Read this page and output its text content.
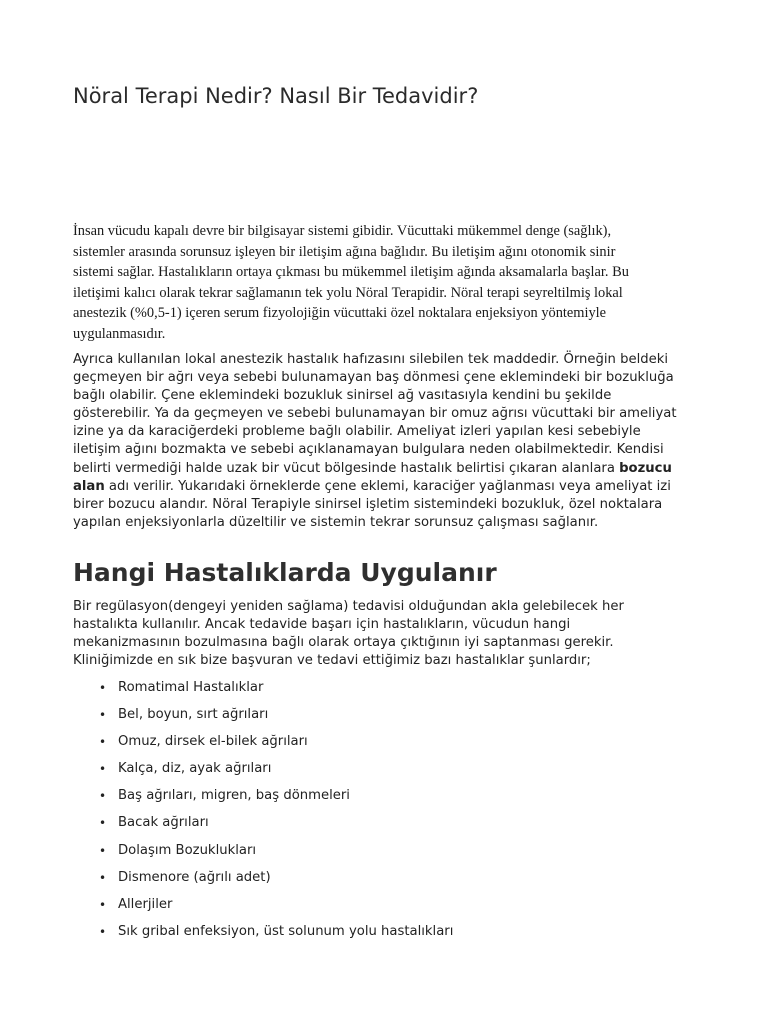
Nöral Terapi Nedir? Nasıl Bir Tedavidir?

İnsan vücudu kapalı devre bir bilgisayar sistemi gibidir. Vücuttaki mükemmel denge (sağlık),
sistemler arasında sorunsuz işleyen bir iletişim ağına bağlıdır. Bu iletişim ağını otonomik sinir
sistemi sağlar. Hastalıkların ortaya çıkması bu mükemmel iletişim ağında aksamalarla başlar. Bu
iletişimi kalıcı olarak tekrar sağlamanın tek yolu Nöral Terapidir. Nöral terapi seyreltilmiş lokal
anestezik (%0,5-1) içeren serum fizyolojiğin vücuttaki özel noktalara enjeksiyon yöntemiyle
uygulanmasıdır.

Ayrıca kullanılan lokal anestezik hastalık hafızasını silebilen tek maddedir. Örneğin beldeki
geçmeyen bir ağrı veya sebebi bulunamayan baş dönmesi çene eklemindeki bir bozukluğa
bağlı olabilir. Çene eklemindeki bozukluk sinirsel ağ vasıtasıyla kendini bu şekilde
gösterebilir. Ya da geçmeyen ve sebebi bulunamayan bir omuz ağrısı vücuttaki bir ameliyat
izine ya da karaciğerdeki probleme bağlı olabilir. Ameliyat izleri yapılan kesi sebebiyle
iletişim ağını bozmakta ve sebebi açıklanamayan bulgulara neden olabilmektedir. Kendisi
belirti vermediği halde uzak bir vücut bölgesinde hastalık belirtisi çıkaran alanlara bozucu
alan adı verilir. Yukarıdaki örneklerde çene eklemi, karaciğer yağlanması veya ameliyat izi
birer bozucu alandır. Nöral Terapiyle sinirsel işletim sistemindeki bozukluk, özel noktalara
yapılan enjeksiyonlarla düzeltilir ve sistemin tekrar sorunsuz çalışması sağlanır.

Hangi Hastalıklarda Uygulanır

Bir regülasyon(dengeyi yeniden sağlama) tedavisi olduğundan akla gelebilecek her
hastalıkta kullanılır. Ancak tedavide başarı için hastalıkların, vücudun hangi
mekanizmasının bozulmasına bağlı olarak ortaya çıktığının iyi saptanması gerekir.
Kliniğimizde en sık bize başvuran ve tedavi ettiğimiz bazı hastalıklar şunlardır;

• Romatimal Hastalıklar
• Bel, boyun, sırt ağrıları
• Omuz, dirsek el-bilek ağrıları
• Kalça, diz, ayak ağrıları
• Baş ağrıları, migren, baş dönmeleri
• Bacak ağrıları
• Dolaşım Bozuklukları
• Dismenore (ağrılı adet)
• Allerjiler
• Sık gribal enfeksiyon, üst solunum yolu hastalıkları
